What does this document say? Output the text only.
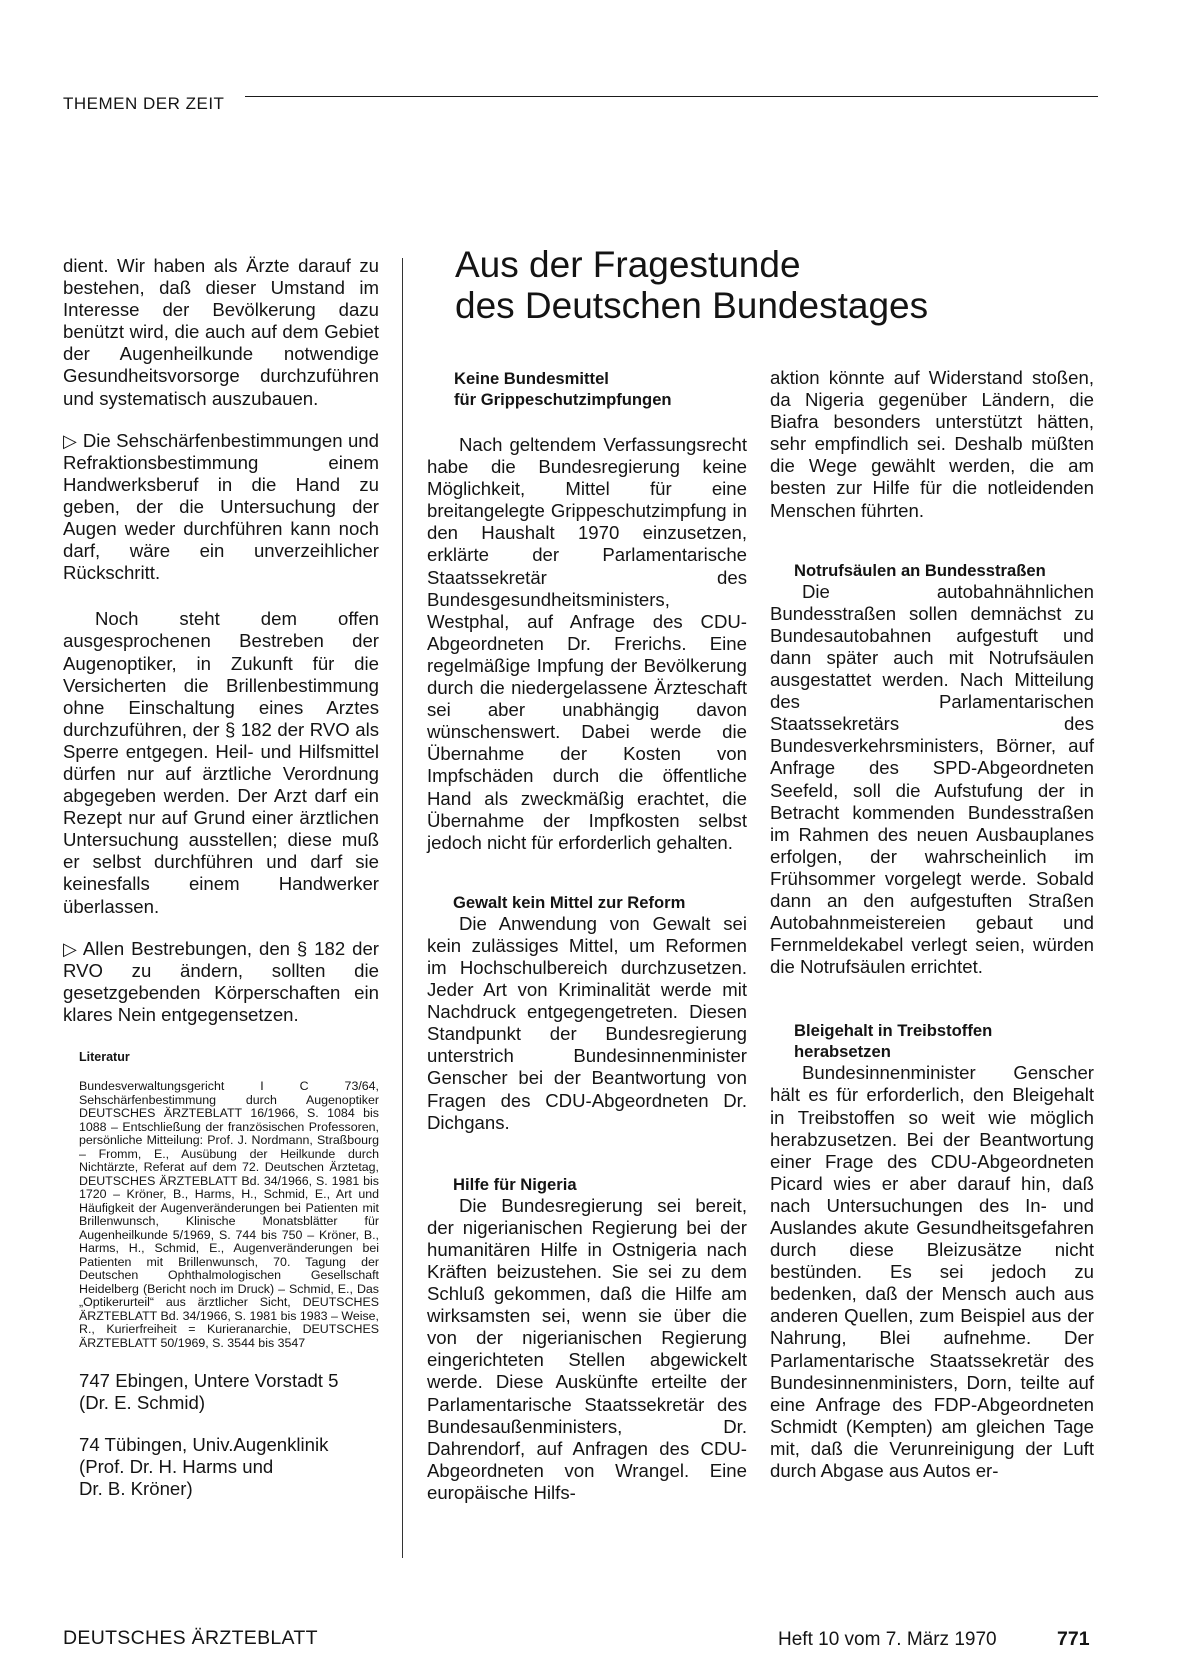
THEMEN DER ZEIT

dient. Wir haben als Ärzte darauf zu bestehen, daß dieser Umstand im Interesse der Bevölkerung dazu benützt wird, die auch auf dem Gebiet der Augenheilkunde notwendige Gesundheitsvorsorge durchzuführen und systematisch auszubauen.

▷ Die Sehschärfenbestimmungen und Refraktionsbestimmung einem Handwerksberuf in die Hand zu geben, der die Untersuchung der Augen weder durchführen kann noch darf, wäre ein unverzeihlicher Rückschritt.

Noch steht dem offen ausgesprochenen Bestreben der Augenoptiker, in Zukunft für die Versicherten die Brillenbestimmung ohne Einschaltung eines Arztes durchzuführen, der § 182 der RVO als Sperre entgegen. Heil- und Hilfsmittel dürfen nur auf ärztliche Verordnung abgegeben werden. Der Arzt darf ein Rezept nur auf Grund einer ärztlichen Untersuchung ausstellen; diese muß er selbst durchführen und darf sie keinesfalls einem Handwerker überlassen.

▷ Allen Bestrebungen, den § 182 der RVO zu ändern, sollten die gesetzgebenden Körperschaften ein klares Nein entgegensetzen.

Literatur
Bundesverwaltungsgericht I C 73/64, Sehschärfenbestimmung durch Augenoptiker DEUTSCHES ÄRZTEBLATT 16/1966, S. 1084 bis 1088 – Entschließung der französischen Professoren, persönliche Mitteilung: Prof. J. Nordmann, Straßbourg – Fromm, E., Ausübung der Heilkunde durch Nichtärzte, Referat auf dem 72. Deutschen Ärztetag, DEUTSCHES ÄRZTEBLATT Bd. 34/1966, S. 1981 bis 1720 – Kröner, B., Harms, H., Schmid, E., Art und Häufigkeit der Augenveränderungen bei Patienten mit Brillenwunsch, Klinische Monatsblätter für Augenheilkunde 5/1969, S. 744 bis 750 – Kröner, B., Harms, H., Schmid, E., Augenveränderungen bei Patienten mit Brillenwunsch, 70. Tagung der Deutschen Ophthalmologischen Gesellschaft Heidelberg (Bericht noch im Druck) – Schmid, E., Das „Optikerurteil“ aus ärztlicher Sicht, DEUTSCHES ÄRZTEBLATT Bd. 34/1966, S. 1981 bis 1983 – Weise, R., Kurierfreiheit = Kurieranarchie, DEUTSCHES ÄRZTEBLATT 50/1969, S. 3544 bis 3547
747 Ebingen, Untere Vorstadt 5
(Dr. E. Schmid)
74 Tübingen, Univ.Augenklinik
(Prof. Dr. H. Harms und
Dr. B. Kröner)
Aus der Fragestunde
des Deutschen Bundestages
Keine Bundesmittel
für Grippeschutzimpfungen

Nach geltendem Verfassungsrecht habe die Bundesregierung keine Möglichkeit, Mittel für eine breitangelegte Grippeschutzimpfung in den Haushalt 1970 einzusetzen, erklärte der Parlamentarische Staatssekretär des Bundesgesundheitsministers, Westphal, auf Anfrage des CDU-Abgeordneten Dr. Frerichs. Eine regelmäßige Impfung der Bevölkerung durch die niedergelassene Ärzteschaft sei aber unabhängig davon wünschenswert. Dabei werde die Übernahme der Kosten von Impfschäden durch die öffentliche Hand als zweckmäßig erachtet, die Übernahme der Impfkosten selbst jedoch nicht für erforderlich gehalten.

Gewalt kein Mittel zur Reform

Die Anwendung von Gewalt sei kein zulässiges Mittel, um Reformen im Hochschulbereich durchzusetzen. Jeder Art von Kriminalität werde mit Nachdruck entgegengetreten. Diesen Standpunkt der Bundesregierung unterstrich Bundesinnenminister Genscher bei der Beantwortung von Fragen des CDU-Abgeordneten Dr. Dichgans.

Hilfe für Nigeria

Die Bundesregierung sei bereit, der nigerianischen Regierung bei der humanitären Hilfe in Ostnigeria nach Kräften beizustehen. Sie sei zu dem Schluß gekommen, daß die Hilfe am wirksamsten sei, wenn sie über die von der nigerianischen Regierung eingerichteten Stellen abgewickelt werde. Diese Auskünfte erteilte der Parlamentarische Staatssekretär des Bundesaußenministers, Dr. Dahrendorf, auf Anfragen des CDU-Abgeordneten von Wrangel. Eine europäische Hilfs-

aktion könnte auf Widerstand stoßen, da Nigeria gegenüber Ländern, die Biafra besonders unterstützt hätten, sehr empfindlich sei. Deshalb müßten die Wege gewählt werden, die am besten zur Hilfe für die notleidenden Menschen führten.

Notrufsäulen an Bundesstraßen

Die autobahnähnlichen Bundesstraßen sollen demnächst zu Bundesautobahnen aufgestuft und dann später auch mit Notrufsäulen ausgestattet werden. Nach Mitteilung des Parlamentarischen Staatssekretärs des Bundesverkehrsministers, Börner, auf Anfrage des SPD-Abgeordneten Seefeld, soll die Aufstufung der in Betracht kommenden Bundesstraßen im Rahmen des neuen Ausbauplanes erfolgen, der wahrscheinlich im Frühsommer vorgelegt werde. Sobald dann an den aufgestuften Straßen Autobahnmeistereien gebaut und Fernmeldekabel verlegt seien, würden die Notrufsäulen errichtet.

Bleigehalt in Treibstoffen
herabsetzen

Bundesinnenminister Genscher hält es für erforderlich, den Bleigehalt in Treibstoffen so weit wie möglich herabzusetzen. Bei der Beantwortung einer Frage des CDU-Abgeordneten Picard wies er aber darauf hin, daß nach Untersuchungen des In- und Auslandes akute Gesundheitsgefahren durch diese Bleizusätze nicht bestünden. Es sei jedoch zu bedenken, daß der Mensch auch aus anderen Quellen, zum Beispiel aus der Nahrung, Blei aufnehme. Der Parlamentarische Staatssekretär des Bundesinnenministers, Dorn, teilte auf eine Anfrage des FDP-Abgeordneten Schmidt (Kempten) am gleichen Tage mit, daß die Verunreinigung der Luft durch Abgase aus Autos er-

DEUTSCHES ÄRZTEBLATT	Heft 10 vom 7. März 1970	771
